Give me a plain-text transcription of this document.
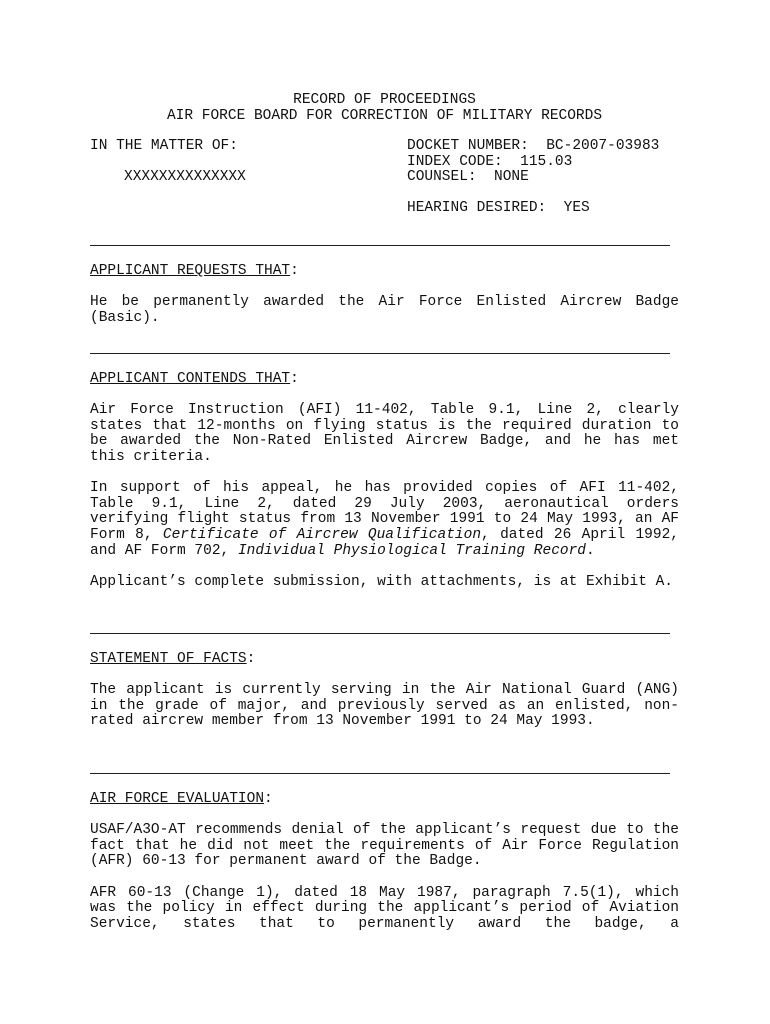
RECORD OF PROCEEDINGS
AIR FORCE BOARD FOR CORRECTION OF MILITARY RECORDS
IN THE MATTER OF:
XXXXXXXXXXXXXX
DOCKET NUMBER:  BC-2007-03983
INDEX CODE:  115.03
COUNSEL:  NONE
HEARING DESIRED:  YES
APPLICANT REQUESTS THAT:
He be permanently awarded the Air Force Enlisted Aircrew Badge (Basic).
APPLICANT CONTENDS THAT:
Air Force Instruction (AFI) 11-402, Table 9.1, Line 2, clearly states that 12-months on flying status is the required duration to be awarded the Non-Rated Enlisted Aircrew Badge, and he has met this criteria.
In support of his appeal, he has provided copies of AFI 11-402, Table 9.1, Line 2, dated 29 July 2003, aeronautical orders verifying flight status from 13 November 1991 to 24 May 1993, an AF Form 8, Certificate of Aircrew Qualification, dated 26 April 1992, and AF Form 702, Individual Physiological Training Record.
Applicant’s complete submission, with attachments, is at Exhibit A.
STATEMENT OF FACTS:
The applicant is currently serving in the Air National Guard (ANG) in the grade of major, and previously served as an enlisted, non-rated aircrew member from 13 November 1991 to 24 May 1993.
AIR FORCE EVALUATION:
USAF/A3O-AT recommends denial of the applicant’s request due to the fact that he did not meet the requirements of Air Force Regulation (AFR) 60-13 for permanent award of the Badge.
AFR 60-13 (Change 1), dated 18 May 1987, paragraph 7.5(1), which was the policy in effect during the applicant’s period of Aviation Service, states that to permanently award the badge, a
